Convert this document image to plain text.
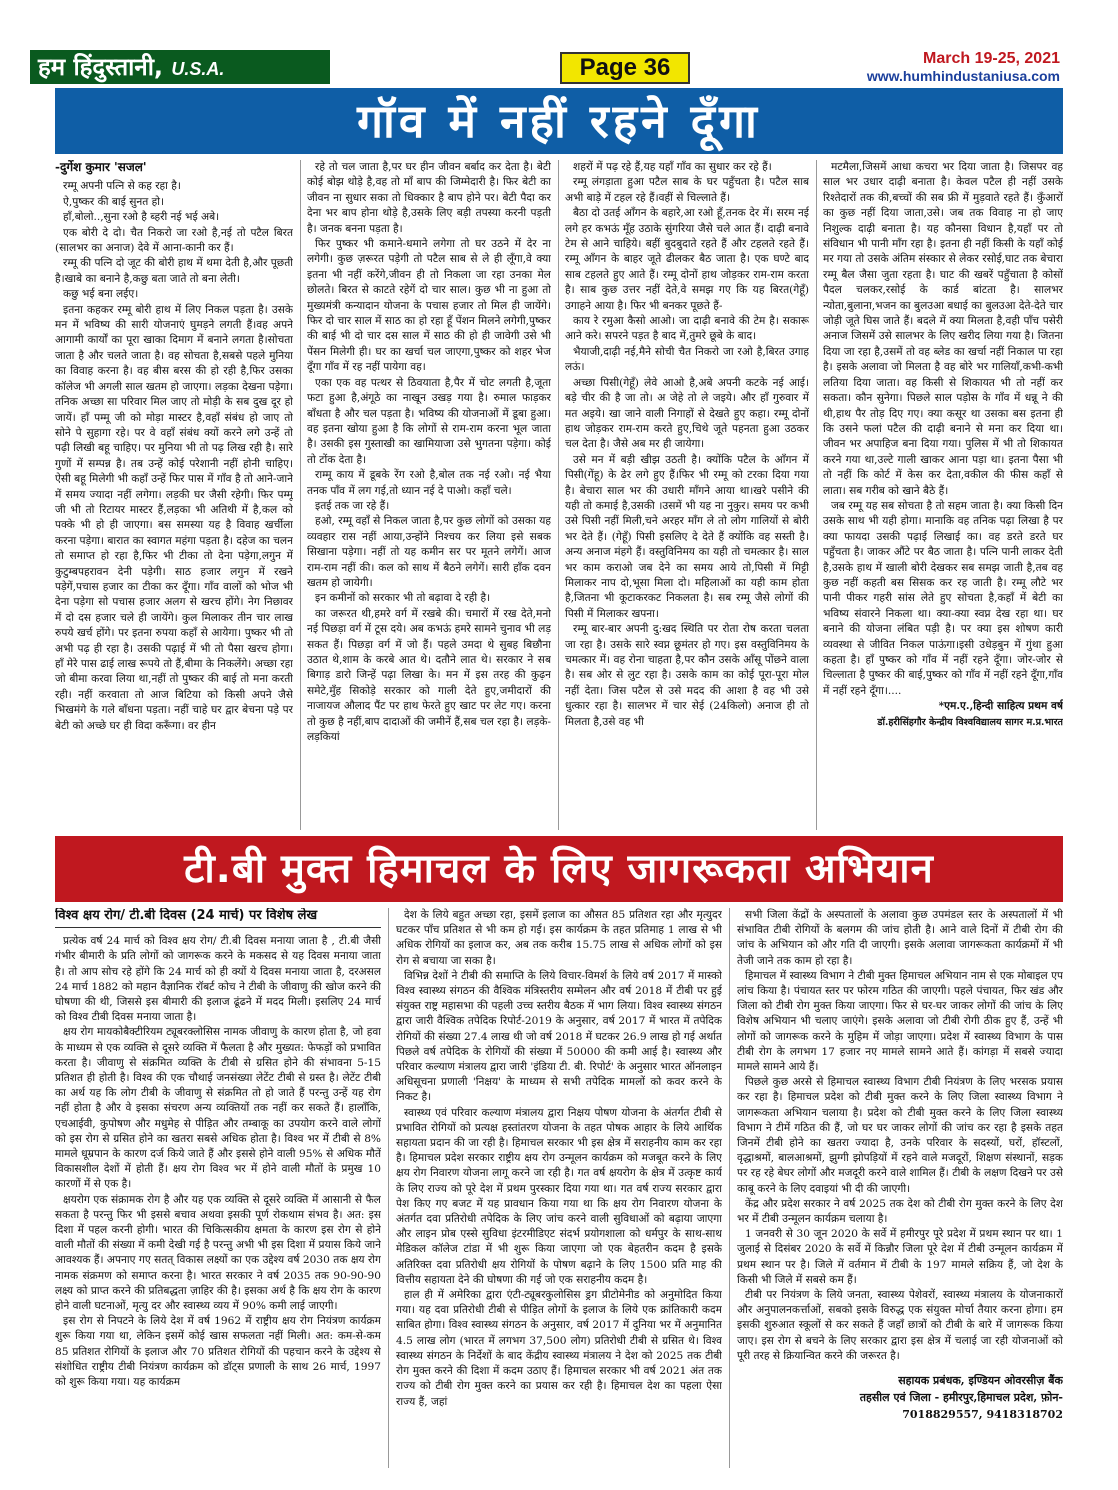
हम हिंदुस्तानी, U.S.A.	Page 36	March 19-25, 2021
www.humhindustaniusa.com
गॉव में नहीं रहने दूँगा
-दुर्गेश कुमार 'सजल'

रम्मू अपनी पत्नि से कह रहा है।

ऐ,पुष्कर की बाई सुनत हो।

हाँ,बोलो..,सुना रओ है ब्हरी नई भई अबे।

एक बोरी दे दो। चैत निकरो जा रओ है,नई तो पटैल बिरत (सालभर का अनाज) देवे में आना-कानी कर हैं।

रम्मू की पत्नि दो जूट की बोरी हाथ में थमा देती है,और पूछती है।खाबे का बनाने है,कछु बता जाते तो बना लेती।

कछु भई बना लईए।

इतना कहकर रम्मू बोरी हाथ में लिए निकल पड़ता है। उसके मन में भविष्य की सारी योजनाएं घुमड़ने लगती हैं।वह अपने आगामी कार्यों का पूरा खाका दिमाग में बनाने लगता है।सोचता जाता है और चलते जाता है। वह सोचता है,सबसे पहले मुनिया का विवाह करना है। वह बीस बरस की हो रही है,फिर उसका कॉलेज भी अगली साल खतम हो जाएगा। लड़का देखना पड़ेगा। तनिक अच्छा सा परिवार मिल जाए तो मोड़ी के सब दुख दूर हो जायें। हाँ पम्मू जी को मोड़ा मास्टर है,वहाँ संबंध हो जाए तो सोने पे सुहागा रहे। पर वे वहाँ संबंध क्यों करने लगे उन्हें तो पढ़ी लिखी बहू चाहिए। पर मुनिया भी तो पढ़ लिख रही है। सारे गुणों में सम्पन्न है। तब उन्हें कोई परेशानी नहीं होनी चाहिए। ऐसी बहू मिलेगी भी कहाँ उन्हें फिर पास में गाँव है तो आने-जाने में समय ज्यादा नहीं लगेगा। लड़की घर जैसी रहेगी। फिर पम्मू जी भी तो रिटायर मास्टर हैं,लड़का भी अतिथी में है,कल को पक्के भी हो ही जाएगा। बस समस्या यह है विवाह खर्चीला करना पड़ेगा। बारात का स्वागत महंगा पड़ता है। दहेज का चलन तो समाप्त हो रहा है,फिर भी टीका तो देना पड़ेगा,लगुन में कुटुम्बपहरावन देनी पड़ेगी। साठ हजार लगुन में रखने पड़ेगें,पचास हजार का टीका कर दूँगा। गाँव वालों को भोज भी देना पड़ेगा सो पचास हजार अलग से खरच होंगे। नेग निछावर में दो दस हजार चले ही जायेंगे। कुल मिलाकर तीन चार लाख रुपये खर्च होंगे। पर इतना रुपया कहाँ से आयेगा। पुष्कर भी तो अभी पढ़ ही रहा है। उसकी पढ़ाई में भी तो पैसा खरच होगा। हाँ मेरे पास ढाई लाख रूपये तो हैं,बीमा के निकलेंगे। अच्छा रहा जो बीमा करवा लिया था,नहीं तो पुष्कर की बाई तो मना करती रही। नहीं करवाता तो आज बिटिया को किसी अपने जैसे भिखमंगे के गले बाँधना पड़ता। नहीं चाहे घर द्वार बेचना पड़े पर बेटी को अच्छे घर ही विदा करूँगा। वर हीन

रहे तो चल जाता है,पर घर हीन जीवन बर्बाद कर देता है। बेटी कोई बोझ थोड़े है,वह तो माँ बाप की जिम्मेदारी है। फिर बेटी का जीवन ना सुधार सका तो धिक्कार है बाप होने पर। बेटी पैदा कर देना भर बाप होना थोड़े है,उसके लिए बड़ी तपस्या करनी पड़ती है। जनक बनना पड़ता है।

फिर पुष्कर भी कमाने-धमाने लगेगा तो घर उठने में देर ना लगेगी। कुछ ज़रूरत पड़ेगी तो पटैल साब से ले ही लूँगा,वे क्या इतना भी नहीं करेंगे,जीवन ही तो निकला जा रहा उनका मेल छोलते। बिरत से काटते रहेगें दो चार साल। कुछ भी ना हुआ तो मुख्यमंत्री कन्यादान योजना के पचास हजार तो मिल ही जायेंगे। फिर दो चार साल में साठ का हो रहा हूँ पेंशन मिलने लगेगी,पुष्कर की बाई भी दो चार दस साल में साठ की हो ही जावेगी उसे भी पेंसन मिलेगी ही। घर का खर्चा चल जाएगा,पुष्कर को शहर भेज दूँगा गाँव में रह नहीं पायेगा वह।

एका एक वह पत्थर से ठिवयाता है,पैर में चोट लगती है,जूता फटा हुआ है,अंगूठे का नाखून उखड़ गया है। रुमाल फाड़कर बाँधता है और चल पड़ता है। भविष्य की योजनाओं में डूबा हुआ। वह इतना खोया हुआ है कि लोगों से राम-राम करना भूल जाता है। उसकी इस गुस्ताखी का खामियाजा उसे भुगतना पड़ेगा। कोई तो टोंक देता है।

राम्मू काय में डूबके रेंग रओ है,बोल तक नई रओ। नई भैया तनक पाँव में लग गई,तो ध्यान नई दे पाओ। कहाँ चले।

इतई तक जा रहे हैं।

हओ, रम्मू वहाँ से निकल जाता है,पर कुछ लोगों को उसका यह व्यवहार रास नहीं आया,उन्होंने निश्चय कर लिया इसे सबक सिखाना पड़ेगा। नहीं तो यह कमीन सर पर मूतने लगेगें। आज राम-राम नहीं की। कल को साथ में बैठने लगेगें। सारी हाँक दवन खतम हो जायेगी।

इन कमीनों को सरकार भी तो बढ़ावा दे रही है।

का जरूरत थी,हमरे वर्ग में रखबे की। चमारों में रख देते,मनो नई पिछड़ा वर्ग में टूस दये। अब कभऊं हमरे सामने चुनाव भी लड़ सकत हैं। पिछड़ा वर्ग में जो हैं। पहले उमदा थे सुबह बिछौना उठात थे,शाम के करबे आत थे। दतौने लात थे। सरकार ने सब बिगाड़ डारो जिन्हें पढ़ा लिखा के। मन में इस तरह की कुढ़न समेटे,मुँह सिकोड़े सरकार को गाली देते हुए,जमीदारों की नाजायज औलाद पैंट पर हाथ फेरते हुए खाट पर लेट गए। करना तो कुछ है नहीं,बाप दादाओं की जमीनें हैं,सब चल रहा है। लड़के-लड़कियां

शहरों में पढ़ रहे हैं,यह यहाँ गाँव का सुधार कर रहे हैं।

रम्मू लंगड़ाता हुआ पटैल साब के घर पहुँचता है। पटैल साब अभी बाड़े में टहल रहे हैं।वहीं से चिल्लाते हैं।

बैठा दो उतई आँगन के बहारे,आ रओ हूँ,तनक देर में। सरम नई लगे हर कभऊं मूँह उठाके सुंगरिया जैसे चले आत हैं। दाढ़ी बनावे टेम से आने चाहिये। बहीं बुदबुदाते रहते हैं और टहलते रहते हैं। रम्मू आँगन के बाहर जूते ढीलकर बैठ जाता है। एक घण्टे बाद साब टहलते हुए आते हैं। रम्मू दोनों हाथ जोड़कर राम-राम करता है। साब कुछ उत्तर नहीं देते,वे समझ गए कि यह बिरत(गेहूँ) उगाहने आया है। फिर भी बनकर पूछते हैं-

काय रे रमुआ कैसो आओ। जा दाढ़ी बनावे की टेम है। सकारू आने करे। सपरने पड़त है बाद में,तुमरे छूबे के बाद।

भैयाजी,दाढ़ी नई,मैने सोची चैत निकरो जा रओ है,बिरत उगाह लऊं।

अच्छा पिसी(गेहूँ) लेवे आओ है,अबे अपनी कटके नई आई। बड़े चीर की है जा तो। अ जेहे तो ले जइये। और हाँ गुरुवार में मत अइये। खा जाने वाली निगाहों से देखते हुए कहा। रम्मू दोनों हाथ जोड़कर राम-राम करते हुए,चिथे जूते पहनता हुआ उठकर चल देता है। जैसे अब मर ही जायेगा।

उसे मन में बड़ी खीझ उठती है। क्योंकि पटैल के आँगन में पिसी(गेंहू) के ढेर लगे हुए हैं।फिर भी रम्मू को टरका दिया गया है। बेचारा साल भर की उधारी माँगने आया था।खरे पसीने की यही तो कमाई है,उसकी ।उसमें भी यह ना नुकुर। समय पर कभी उसे पिसी नहीं मिली,चने अरहर माँग ले तो लोग गालियों से बोरी भर देते हैं। (गेहूँ) पिसी इसलिए दे देते हैं क्योंकि वह सस्ती है। अन्य अनाज मंहगे हैं। वस्तुविनिमय का यही तो चमत्कार है। साल भर काम कराओ जब देने का समय आये तो,पिसी में मिट्टी मिलाकर नाप दो,भूसा मिला दो। महिलाओं का यही काम होता है,जितना भी कूटाकरकट निकलता है। सब रम्मू जैसे लोगों की पिसी में मिलाकर खपना।

रम्मू बार-बार अपनी दु:खद स्थिति पर रोता रोष करता चलता जा रहा है। उसके सारे स्वप्न छूमंतर हो गए। इस वस्तुविनिमय के चमत्कार में। वह रोना चाहता है,पर कौन उसके आँसू पोंछने वाला है। सब ओर से लुट रहा है। उसके काम का कोई पूरा-पूरा मोल नहीं देता। जिस पटैल से उसे मदद की आशा है वह भी उसे धुत्कार रहा है। सालभर में चार सेई (24किलो) अनाज ही तो मिलता है,उसे वह भी

मटमैला,जिसमें आधा कचरा भर दिया जाता है। जिसपर वह साल भर उधार दाढ़ी बनाता है। केवल पटैल ही नहीं उसके रिश्तेदारों तक की,बच्चों की सब फ्री में मुड़वाते रहते हैं। कुँआरों का कुछ नहीं दिया जाता,उसे। जब तक विवाह ना हो जाए निशुल्क दाढ़ी बनाता है। यह कौनसा विधान है,यहाँ पर तो संविधान भी पानी माँग रहा है। इतना ही नहीं किसी के यहाँ कोई मर गया तो उसके अंतिम संस्कार से लेकर रसोई,घाट तक बेचारा रम्मू बैल जैसा जुता रहता है। घाट की खबरें पहुँचाता है कोसों पैदल चलकर,रसोई के कार्ड बांटता है। सालभर न्योता,बुलाना,भजन का बुलउआ बधाई का बुलउआ देते-देते चार जोड़ी जूते घिस जाते हैं। बदले में क्या मिलता है,वही पाँच पसेरी अनाज जिसमें उसे सालभर के लिए खरीद लिया गया है। जितना दिया जा रहा है,उसमें तो वह ब्लेड का खर्चा नहीं निकाल पा रहा है। इसके अलावा जो मिलता है वह बोरे भर गालियाँ,कभी-कभी लतिया दिया जाता। वह किसी से शिकायत भी तो नहीं कर सकता। कौन सुनेगा। पिछले साल पड़ोस के गाँव में धन्नू ने की थी,हाथ पैर तोड़ दिए गए। क्या कसूर था उसका बस इतना ही कि उसने फलां पटैल की दाढ़ी बनाने से मना कर दिया था। जीवन भर अपाहिज बना दिया गया। पुलिस में भी तो शिकायत करने गया था,उल्टे गाली खाकर आना पड़ा था। इतना पैसा भी तो नहीं कि कोर्ट में केस कर देता,वकील की फीस कहाँ से लाता। सब गरीब को खाने बैठे हैं।

जब रम्मू यह सब सोचता है तो सहम जाता है। क्या किसी दिन उसके साथ भी यही होगा। मानाकि वह तनिक पढ़ा लिखा है पर क्या फायदा उसकी पढ़ाई लिखाई का। वह डरते डरते घर पहुँचता है। जाकर औंटे पर बैठ जाता है। पत्नि पानी लाकर देती है,उसके हाथ में खाली बोरी देखकर सब समझ जाती है,तब वह कुछ नहीं कहती बस सिसक कर रह जाती है। रम्मू लौटे भर पानी पीकर गहरी सांस लेते हुए सोचता है,कहाँ में बेटी का भविष्य संवारने निकला था। क्या-क्या स्वप्न देख रहा था। घर बनाने की योजना लंबित पड़ी है। पर क्या इस शोषण कारी व्यवस्था से जीवित निकल पाऊंगा।इसी उधेड़बुन में गुंथा हुआ कहता है। हाँ पुष्कर को गाँव में नहीं रहने दूँगा। जोर-जोर से चिल्लाता है पुष्कर की बाई,पुष्कर को गाँव में नहीं रहने दूँगा,गाँव में नहीं रहने दूँगा।....

*एम.ए.,हिन्दी साहित्य प्रथम वर्ष
डॉ.हरीसिंहगौर केन्द्रीय विश्वविद्यालय सागर म.प्र.भारत
टी.बी मुक्त हिमाचल के लिए जागरूकता अभियान
विश्व क्षय रोग/ टी.बी दिवस (24 मार्च) पर विशेष लेख

प्रत्येक वर्ष 24 मार्च को विश्व क्षय रोग/ टी.बी दिवस मनाया जाता है , टी.बी जैसी गंभीर बीमारी के प्रति लोगों को जागरूक करने के मकसद से यह दिवस मनाया जाता है। तो आप सोच रहे होंगे कि 24 मार्च को ही क्यों ये दिवस मनाया जाता है, दरअसल 24 मार्च 1882 को महान वैज्ञानिक रॉबर्ट कोच ने टीबी के जीवाणु की खोज करने की घोषणा की थी, जिससे इस बीमारी की इलाज ढूंढने में मदद मिली। इसलिए 24 मार्च को विश्व टीबी दिवस मनाया जाता है।

क्षय रोग मायकोबैक्टीरियम ट्यूबरक्लोसिस नामक जीवाणु के कारण होता है, जो हवा के माध्यम से एक व्यक्ति से दूसरे व्यक्ति में फैलता है और मुख्यत: फेफड़ों को प्रभावित करता है। जीवाणु से संक्रमित व्यक्ति के टीबी से ग्रसित होने की संभावना 5-15 प्रतिशत ही होती है। विश्व की एक चौथाई जनसंख्या लेटेंट टीबी से ग्रस्त है। लेटेंट टीबी का अर्थ यह कि लोग टीबी के जीवाणु से संक्रमित तो हो जाते हैं परन्तु उन्हें यह रोग नहीं होता है और वे इसका संचरण अन्य व्यक्तियों तक नहीं कर सकते हैं। हालाँकि, एचआईवी, कुपोषण और मधुमेह से पीड़ित और तम्बाकू का उपयोग करने वाले लोगों को इस रोग से ग्रसित होने का खतरा सबसे अधिक होता है। विश्व भर में टीबी से 8% मामले धूम्रपान के कारण दर्ज किये जाते हैं और इससे होने वाली 95% से अधिक मौतें विकासशील देशों में होती हैं। क्षय रोग विश्व भर में होने वाली मौतों के प्रमुख 10 कारणों में से एक है।

क्षयरोग एक संक्रामक रोग है और यह एक व्यक्ति से दूसरे व्यक्ति में आसानी से फैल सकता है परन्तु फिर भी इससे बचाव अथवा इसकी पूर्ण रोकथाम संभव है। अत: इस दिशा में पहल करनी होगी। भारत की चिकित्सकीय क्षमता के कारण इस रोग से होने वाली मौतों की संख्या में कमी देखी गई है परन्तु अभी भी इस दिशा में प्रयास किये जाने आवश्यक हैं। अपनाए गए सतत् विकास लक्ष्यों का एक उद्देश्य वर्ष 2030 तक क्षय रोग नामक संक्रमण को समाप्त करना है। भारत सरकार ने वर्ष 2035 तक 90-90-90 लक्ष्य को प्राप्त करने की प्रतिबद्धता ज़ाहिर की है। इसका अर्थ है कि क्षय रोग के कारण होने वाली घटनाओं, मृत्यु दर और स्वास्थ्य व्यय में 90% कमी लाई जाएगी।

इस रोग से निपटने के लिये देश में वर्ष 1962 में राष्ट्रीय क्षय रोग नियंत्रण कार्यक्रम शुरू किया गया था, लेकिन इसमें कोई खास सफलता नहीं मिली। अत: कम-से-कम 85 प्रतिशत रोगियों के इलाज और 70 प्रतिशत रोगियों की पहचान करने के उद्देश्य से संशोधित राष्ट्रीय टीबी नियंत्रण कार्यक्रम को डॉट्स प्रणाली के साथ 26 मार्च, 1997 को शुरू किया गया। यह कार्यक्रम

देश के लिये बहुत अच्छा रहा, इसमें इलाज का औसत 85 प्रतिशत रहा और मृत्युदर घटकर पाँच प्रतिशत से भी कम हो गई। इस कार्यक्रम के तहत प्रतिमाह 1 लाख से भी अधिक रोगियों का इलाज कर, अब तक करीब 15.75 लाख से अधिक लोगों को इस रोग से बचाया जा सका है।

विभिन्न देशों ने टीबी की समाप्ति के लिये विचार-विमर्श के लिये वर्ष 2017 में मास्को विश्व स्वास्थ्य संगठन की वैश्विक मंत्रिस्तरीय सम्मेलन और वर्ष 2018 में टीबी पर हुई संयुक्त राष्ट्र महासभा की पहली उच्च स्तरीय बैठक में भाग लिया। विश्व स्वास्थ्य संगठन द्वारा जारी वैश्विक तपेदिक रिपोर्ट-2019 के अनुसार, वर्ष 2017 में भारत में तपेदिक रोगियों की संख्या 27.4 लाख थी जो वर्ष 2018 में घटकर 26.9 लाख हो गई अर्थात पिछले वर्ष तपेदिक के रोगियों की संख्या में 50000 की कमी आई है। स्वास्थ्य और परिवार कल्याण मंत्रालय द्वारा जारी 'इंडिया टी. बी. रिपोर्ट' के अनुसार भारत ऑनलाइन अधिसूचना प्रणाली 'निक्षय' के माध्यम से सभी तपेदिक मामलों को कवर करने के निकट है।

स्वास्थ्य एवं परिवार कल्याण मंत्रालय द्वारा निक्षय पोषण योजना के अंतर्गत टीबी से प्रभावित रोगियों को प्रत्यक्ष हस्तांतरण योजना के तहत पोषक आहार के लिये आर्थिक सहायता प्रदान की जा रही है। हिमाचल सरकार भी इस क्षेत्र में सराहनीय काम कर रहा है। हिमाचल प्रदेश सरकार राष्ट्रीय क्षय रोग उन्मूलन कार्यक्रम को मजबूत करने के लिए क्षय रोग निवारण योजना लागू करने जा रही है। गत वर्ष क्षयरोग के क्षेत्र में उत्कृष्ट कार्य के लिए राज्य को पूरे देश में प्रथम पुरस्कार दिया गया था। गत वर्ष राज्य सरकार द्वारा पेश किए गए बजट में यह प्रावधान किया गया था कि क्षय रोग निवारण योजना के अंतर्गत दवा प्रतिरोधी तपेदिक के लिए जांच करने वाली सुविधाओं को बढ़ाया जाएगा और लाइन प्रोब एस्से सुविधा इंटरमीडिएट संदर्भ प्रयोगशाला को धर्मपुर के साथ-साथ मेडिकल कॉलेज टांडा में भी शुरू किया जाएगा जो एक बेहतरीन कदम है इसके अतिरिक्त दवा प्रतिरोधी क्षय रोगियों के पोषण बढ़ाने के लिए 1500 प्रति माह की वित्तीय सहायता देने की घोषणा की गई जो एक सराहनीय कदम है।

हाल ही में अमेरिका द्वारा एंटी-ट्यूबरकुलोसिस ड्रग प्रीटोमेनीड को अनुमोदित किया गया। यह दवा प्रतिरोधी टीबी से पीड़ित लोगों के इलाज के लिये एक क्रांतिकारी कदम साबित होगा। विश्व स्वास्थ्य संगठन के अनुसार, वर्ष 2017 में दुनिया भर में अनुमानित 4.5 लाख लोग (भारत में लगभग 37,500 लोग) प्रतिरोधी टीबी से ग्रसित थे। विश्व स्वास्थ्य संगठन के निर्देशों के बाद केंद्रीय स्वास्थ्य मंत्रालय ने देश को 2025 तक टीबी रोग मुक्त करने की दिशा में कदम उठाए हैं। हिमाचल सरकार भी वर्ष 2021 अंत तक राज्य को टीबी रोग मुक्त करने का प्रयास कर रही है। हिमाचल देश का पहला ऐसा राज्य हैं, जहां

सभी जिला केंद्रों के अस्पतालों के अलावा कुछ उपमंडल स्तर के अस्पतालों में भी संभावित टीबी रोगियों के बलगम की जांच होती है। आने वाले दिनों में टीबी रोग की जांच के अभियान को और गति दी जाएगी। इसके अलावा जागरूकता कार्यक्रमों में भी तेजी जाने तक काम हो रहा है।

हिमाचल में स्वास्थ्य विभाग ने टीबी मुक्त हिमाचल अभियान नाम से एक मोबाइल एप लांच किया है। पंचायत स्तर पर फोरम गठित की जाएगी। पहले पंचायत, फिर खंड और जिला को टीबी रोग मुक्त किया जाएगा। फिर से घर-घर जाकर लोगों की जांच के लिए विशेष अभियान भी चलाए जाएंगे। इसके अलावा जो टीबी रोगी ठीक हुए हैं, उन्हें भी लोगों को जागरूक करने के मुहिम में जोड़ा जाएगा। प्रदेश में स्वास्थ्य विभाग के पास टीबी रोग के लगभग 17 हजार नए मामले सामने आते हैं। कांगड़ा में सबसे ज्यादा मामले सामने आये हैं।

पिछले कुछ अरसे से हिमाचल स्वास्थ्य विभाग टीबी नियंत्रण के लिए भरसक प्रयास कर रहा है। हिमाचल प्रदेश को टीबी मुक्त करने के लिए जिला स्वास्थ्य विभाग ने जागरूकता अभियान चलाया है। प्रदेश को टीबी मुक्त करने के लिए जिला स्वास्थ्य विभाग ने टीमें गठित की हैं, जो घर घर जाकर लोगों की जांच कर रहा है इसके तहत जिनमें टीबी होने का खतरा ज्यादा है, उनके परिवार के सदस्यों, घरों, हॉस्टलों, वृद्धाश्रमों, बालआश्रमों, झुग्गी झोपड़ियों में रहने वाले मजदूरों, शिक्षण संस्थानों, सड़क पर रह रहे बेघर लोगों और मजदूरी करने वाले शामिल हैं। टीबी के लक्षण दिखने पर उसे काबू करने के लिए दवाइयां भी दी की जाएगी।

केंद्र और प्रदेश सरकार ने वर्ष 2025 तक देश को टीबी रोग मुक्त करने के लिए देश भर में टीबी उन्मूलन कार्यक्रम चलाया है।

1 जनवरी से 30 जून 2020 के सर्वे में हमीरपुर पूरे प्रदेश में प्रथम स्थान पर था। 1 जुलाई से दिसंबर 2020 के सर्वे में किन्नौर जिला पूरे देश में टीबी उन्मूलन कार्यक्रम में प्रथम स्थान पर है। जिले में वर्तमान में टीबी के 197 मामले सक्रिय हैं, जो देश के किसी भी जिले में सबसे कम हैं।

टीबी पर नियंत्रण के लिये जनता, स्वास्थ्य पेशेवरों, स्वास्थ्य मंत्रालय के योजनाकारों और अनुपालनकर्त्ताओं, सबको इसके विरुद्ध एक संयुक्त मोर्चा तैयार करना होगा। हम इसकी शुरुआत स्कूलों से कर सकते हैं जहाँ छात्रों को टीबी के बारे में जागरूक किया जाए। इस रोग से बचने के लिए सरकार द्वारा इस क्षेत्र में चलाई जा रही योजनाओं को पूरी तरह से क्रियान्वित करने की जरूरत है।

सहायक प्रबंधक, इण्डियन ओवरसीज़ बैंक
तहसील एवं जिला - हमीरपुर,हिमाचल प्रदेश, फ़ोन-
7018829557, 9418318702
